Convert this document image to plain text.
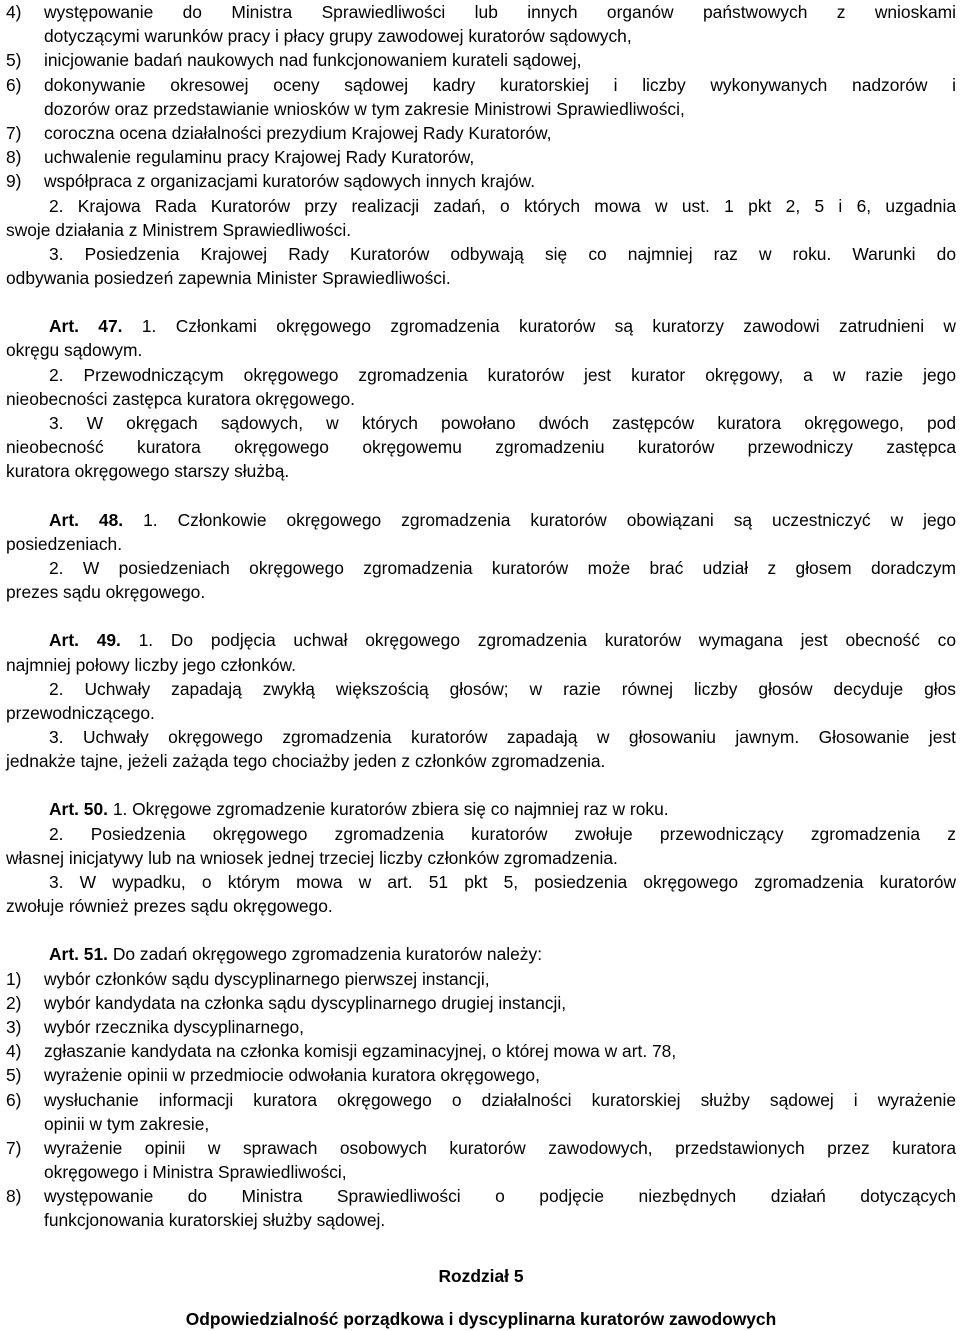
4) występowanie do Ministra Sprawiedliwości lub innych organów państwowych z wnioskami
dotyczącymi warunków pracy i płacy grupy zawodowej kuratorów sądowych,
5) inicjowanie badań naukowych nad funkcjonowaniem kurateli sądowej,
6) dokonywanie okresowej oceny sądowej kadry kuratorskiej i liczby wykonywanych nadzorów i
dozorów oraz przedstawianie wniosków w tym zakresie Ministrowi Sprawiedliwości,
7) coroczna ocena działalności prezydium Krajowej Rady Kuratorów,
8) uchwalenie regulaminu pracy Krajowej Rady Kuratorów,
9) współpraca z organizacjami kuratorów sądowych innych krajów.
2. Krajowa Rada Kuratorów przy realizacji zadań, o których mowa w ust. 1 pkt 2, 5 i 6, uzgadnia
swoje działania z Ministrem Sprawiedliwości.
3. Posiedzenia Krajowej Rady Kuratorów odbywają się co najmniej raz w roku. Warunki do
odbywania posiedzeń zapewnia Minister Sprawiedliwości.
Art. 47. 1. Członkami okręgowego zgromadzenia kuratorów są kuratorzy zawodowi zatrudnieni w
okręgu sądowym.
2. Przewodniczącym okręgowego zgromadzenia kuratorów jest kurator okręgowy, a w razie jego
nieobecności zastępca kuratora okręgowego.
3. W okręgach sądowych, w których powołano dwóch zastępców kuratora okręgowego, pod
nieobecność kuratora okręgowego okręgowemu zgromadzeniu kuratorów przewodniczy zastępca
kuratora okręgowego starszy służbą.
Art. 48. 1. Członkowie okręgowego zgromadzenia kuratorów obowiązani są uczestniczyć w jego
posiedzeniach.
2. W posiedzeniach okręgowego zgromadzenia kuratorów może brać udział z głosem doradczym
prezes sądu okręgowego.
Art. 49. 1. Do podjęcia uchwał okręgowego zgromadzenia kuratorów wymagana jest obecność co
najmniej połowy liczby jego członków.
2. Uchwały zapadają zwykłą większością głosów; w razie równej liczby głosów decyduje głos
przewodniczącego.
3. Uchwały okręgowego zgromadzenia kuratorów zapadają w głosowaniu jawnym. Głosowanie jest
jednakże tajne, jeżeli zażąda tego chociażby jeden z członków zgromadzenia.
Art. 50. 1. Okręgowe zgromadzenie kuratorów zbiera się co najmniej raz w roku.
2. Posiedzenia okręgowego zgromadzenia kuratorów zwołuje przewodniczący zgromadzenia z
własnej inicjatywy lub na wniosek jednej trzeciej liczby członków zgromadzenia.
3. W wypadku, o którym mowa w art. 51 pkt 5, posiedzenia okręgowego zgromadzenia kuratorów
zwołuje również prezes sądu okręgowego.
Art. 51. Do zadań okręgowego zgromadzenia kuratorów należy:
1) wybór członków sądu dyscyplinarnego pierwszej instancji,
2) wybór kandydata na członka sądu dyscyplinarnego drugiej instancji,
3) wybór rzecznika dyscyplinarnego,
4) zgłaszanie kandydata na członka komisji egzaminacyjnej, o której mowa w art. 78,
5) wyrażenie opinii w przedmiocie odwołania kuratora okręgowego,
6) wysłuchanie informacji kuratora okręgowego o działalności kuratorskiej służby sądowej i wyrażenie
opinii w tym zakresie,
7) wyrażenie opinii w sprawach osobowych kuratorów zawodowych, przedstawionych przez kuratora
okręgowego i Ministra Sprawiedliwości,
8) występowanie do Ministra Sprawiedliwości o podjęcie niezbędnych działań dotyczących
funkcjonowania kuratorskiej służby sądowej.
Rozdział 5
Odpowiedzialność porządkowa i dyscyplinarna kuratorów zawodowych
